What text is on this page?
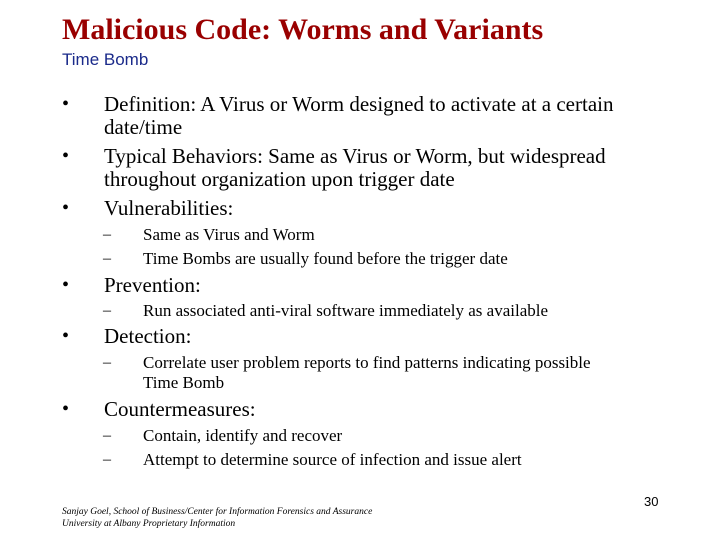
Malicious Code: Worms and Variants
Time Bomb
• Definition: A Virus or Worm designed to activate at a certain
date/time
• Typical Behaviors: Same as Virus or Worm, but widespread
throughout organization upon trigger date
• Vulnerabilities:
– Same as Virus and Worm
– Time Bombs are usually found before the trigger date
• Prevention:
– Run associated anti-viral software immediately as available
• Detection:
– Correlate user problem reports to find patterns indicating possible
Time Bomb
• Countermeasures:
– Contain, identify and recover
– Attempt to determine source of infection and issue alert
Sanjay Goel, School of Business/Center for Information Forensics and Assurance
University at Albany Proprietary Information
30
